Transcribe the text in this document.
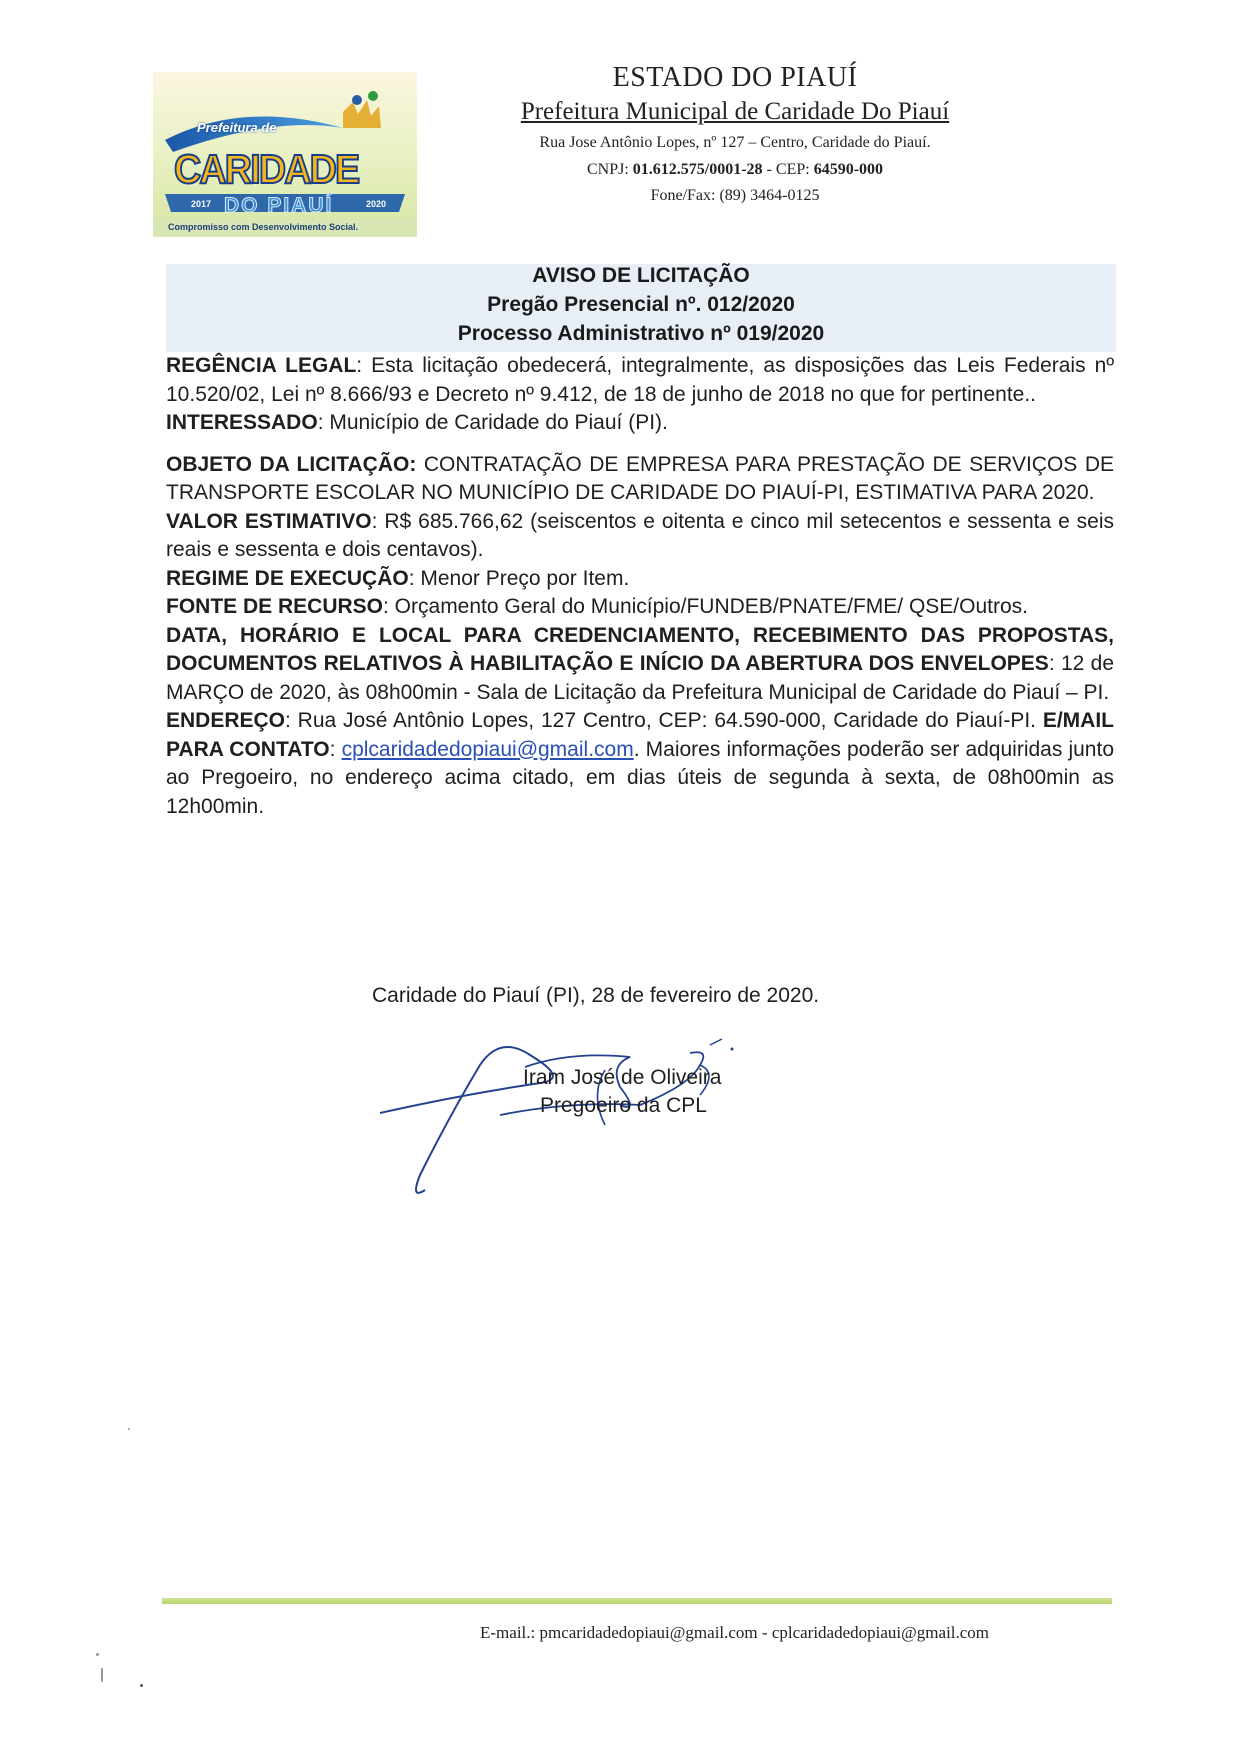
Prefeitura de
CARIDADE
DO PIAUÍ
2017	2020
Compromisso com Desenvolvimento Social.
ESTADO DO PIAUÍ
Prefeitura Municipal de Caridade Do Piauí
Rua Jose Antônio Lopes, nº 127 – Centro, Caridade do Piauí.
CNPJ: 01.612.575/0001-28 - CEP: 64590-000
Fone/Fax: (89) 3464-0125
AVISO DE LICITAÇÃO
Pregão Presencial nº. 012/2020
Processo Administrativo nº 019/2020

REGÊNCIA LEGAL: Esta licitação obedecerá, integralmente, as disposições das Leis Federais nº 10.520/02, Lei nº 8.666/93 e Decreto nº 9.412, de 18 de junho de 2018 no que for pertinente..

INTERESSADO: Município de Caridade do Piauí (PI).

OBJETO DA LICITAÇÃO: CONTRATAÇÃO DE EMPRESA PARA PRESTAÇÃO DE SERVIÇOS DE TRANSPORTE ESCOLAR NO MUNICÍPIO DE CARIDADE DO PIAUÍ-PI, ESTIMATIVA PARA 2020.

VALOR ESTIMATIVO: R$ 685.766,62 (seiscentos e oitenta e cinco mil setecentos e sessenta e seis reais e sessenta e dois centavos).

REGIME DE EXECUÇÃO: Menor Preço por Item.

FONTE DE RECURSO: Orçamento Geral do Município/FUNDEB/PNATE/FME/ QSE/Outros.

DATA, HORÁRIO E LOCAL PARA CREDENCIAMENTO, RECEBIMENTO DAS PROPOSTAS, DOCUMENTOS RELATIVOS À HABILITAÇÃO E INÍCIO DA ABERTURA DOS ENVELOPES: 12 de MARÇO de 2020, às 08h00min - Sala de Licitação da Prefeitura Municipal de Caridade do Piauí – PI.

ENDEREÇO: Rua José Antônio Lopes, 127 Centro, CEP: 64.590-000, Caridade do Piauí-PI. E/MAIL PARA CONTATO: cplcaridadedopiaui@gmail.com. Maiores informações poderão ser adquiridas junto ao Pregoeiro, no endereço acima citado, em dias úteis de segunda à sexta, de 08h00min as 12h00min.

Caridade do Piauí (PI), 28 de fevereiro de 2020.
Iram José de Oliveira
Pregoeiro da CPL
E-mail.: pmcaridadedopiaui@gmail.com - cplcaridadedopiaui@gmail.com
